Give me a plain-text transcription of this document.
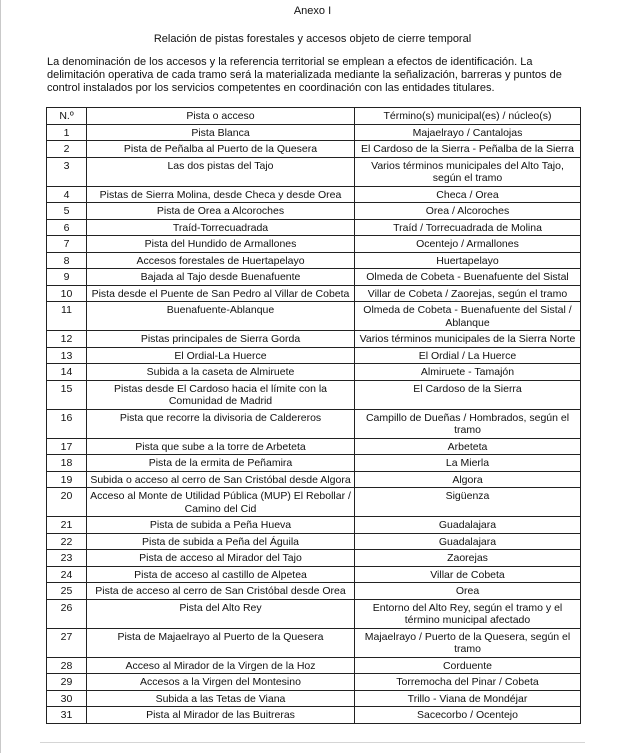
Anexo I
Relación de pistas forestales y accesos objeto de cierre temporal

La denominación de los accesos y la referencia territorial se emplean a efectos de identificación. La delimitación operativa de cada tramo será la materializada mediante la señalización, barreras y puntos de control instalados por los servicios competentes en coordinación con las entidades titulares.

N.º	Pista o acceso	Término(s) municipal(es) / núcleo(s)
1	Pista Blanca	Majaelrayo / Cantalojas
2	Pista de Peñalba al Puerto de la Quesera	El Cardoso de la Sierra - Peñalba de la Sierra
3	Las dos pistas del Tajo	Varios términos municipales del Alto Tajo, según el tramo
4	Pistas de Sierra Molina, desde Checa y desde Orea	Checa / Orea
5	Pista de Orea a Alcoroches	Orea / Alcoroches
6	Traíd-Torrecuadrada	Traíd / Torrecuadrada de Molina
7	Pista del Hundido de Armallones	Ocentejo / Armallones
8	Accesos forestales de Huertapelayo	Huertapelayo
9	Bajada al Tajo desde Buenafuente	Olmeda de Cobeta - Buenafuente del Sistal
10	Pista desde el Puente de San Pedro al Villar de Cobeta	Villar de Cobeta / Zaorejas, según el tramo
11	Buenafuente-Ablanque	Olmeda de Cobeta - Buenafuente del Sistal / Ablanque
12	Pistas principales de Sierra Gorda	Varios términos municipales de la Sierra Norte
13	El Ordial-La Huerce	El Ordial / La Huerce
14	Subida a la caseta de Almiruete	Almiruete - Tamajón
15	Pistas desde El Cardoso hacia el límite con la Comunidad de Madrid	El Cardoso de la Sierra
16	Pista que recorre la divisoria de Caldereros	Campillo de Dueñas / Hombrados, según el tramo
17	Pista que sube a la torre de Arbeteta	Arbeteta
18	Pista de la ermita de Peñamira	La Mierla
19	Subida o acceso al cerro de San Cristóbal desde Algora	Algora
20	Acceso al Monte de Utilidad Pública (MUP) El Rebollar / Camino del Cid	Sigüenza
21	Pista de subida a Peña Hueva	Guadalajara
22	Pista de subida a Peña del Águila	Guadalajara
23	Pista de acceso al Mirador del Tajo	Zaorejas
24	Pista de acceso al castillo de Alpetea	Villar de Cobeta
25	Pista de acceso al cerro de San Cristóbal desde Orea	Orea
26	Pista del Alto Rey	Entorno del Alto Rey, según el tramo y el término municipal afectado
27	Pista de Majaelrayo al Puerto de la Quesera	Majaelrayo / Puerto de la Quesera, según el tramo
28	Acceso al Mirador de la Virgen de la Hoz	Corduente
29	Accesos a la Virgen del Montesino	Torremocha del Pinar / Cobeta
30	Subida a las Tetas de Viana	Trillo - Viana de Mondéjar
31	Pista al Mirador de las Buitreras	Sacecorbo / Ocentejo
